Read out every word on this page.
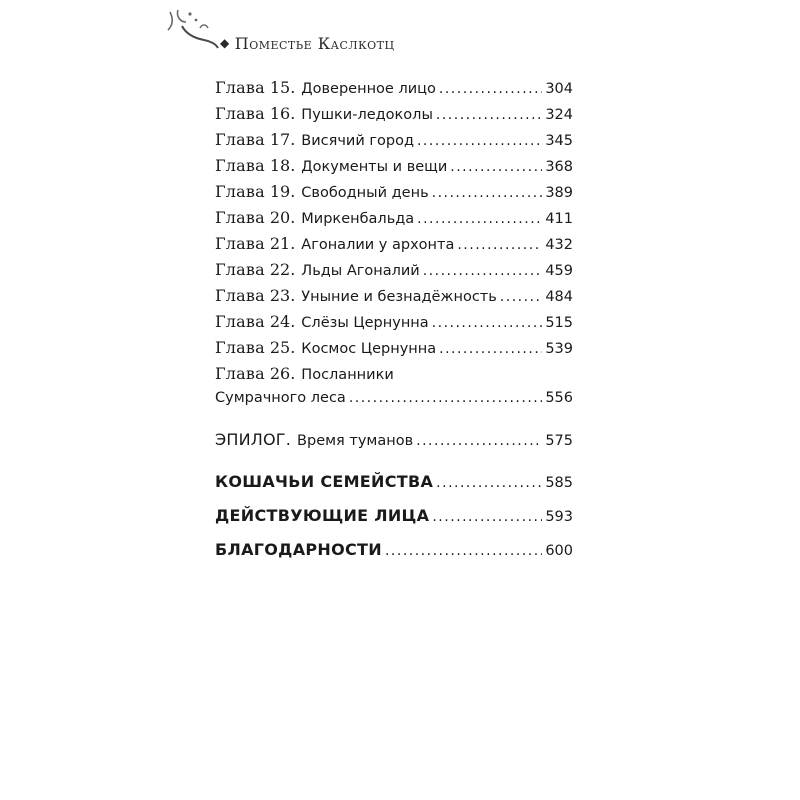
◆ Поместье Каслкотц
Глава 15. Доверенное лицо .....	304
Глава 16. Пушки-ледоколы .....	324
Глава 17. Висячий город .....	345
Глава 18. Документы и вещи .....	368
Глава 19. Свободный день .....	389
Глава 20. Миркенбальда .....	411
Глава 21. Агоналии у архонта .....	432
Глава 22. Льды Агоналий .....	459
Глава 23. Уныние и безнадёжность .....	484
Глава 24. Слёзы Цернунна .....	515
Глава 25. Космос Цернунна .....	539
Глава 26. Посланники
Сумрачного леса .....	556
ЭПИЛОГ. Время туманов .....	575
КОШАЧЬИ СЕМЕЙСТВА .....	585
ДЕЙСТВУЮЩИЕ ЛИЦА .....	593
БЛАГОДАРНОСТИ .....	600
